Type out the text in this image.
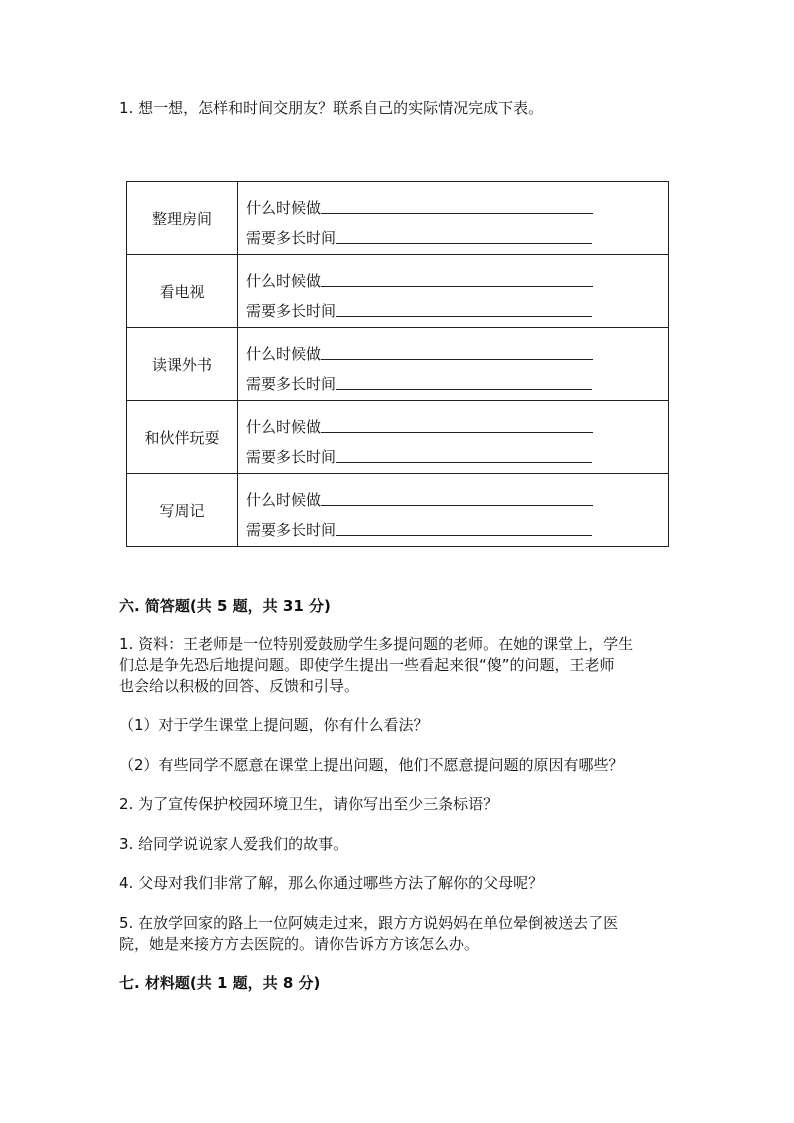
1. 想一想，怎样和时间交朋友？联系自己的实际情况完成下表。
整理房间	什么时候做
需要多长时间

看电视	什么时候做
需要多长时间

读课外书	什么时候做
需要多长时间

和伙伴玩耍	什么时候做
需要多长时间

写周记	什么时候做
需要多长时间
六. 简答题(共 5 题，共 31 分)
1. 资料：王老师是一位特别爱鼓励学生多提问题的老师。在她的课堂上，学生
们总是争先恐后地提问题。即使学生提出一些看起来很“傻”的问题，王老师
也会给以积极的回答、反馈和引导。
（1）对于学生课堂上提问题，你有什么看法？
（2）有些同学不愿意在课堂上提出问题，他们不愿意提问题的原因有哪些？
2. 为了宣传保护校园环境卫生，请你写出至少三条标语？
3. 给同学说说家人爱我们的故事。
4. 父母对我们非常了解，那么你通过哪些方法了解你的父母呢？
5. 在放学回家的路上一位阿姨走过来，跟方方说妈妈在单位晕倒被送去了医
院，她是来接方方去医院的。请你告诉方方该怎么办。
七. 材料题(共 1 题，共 8 分)
